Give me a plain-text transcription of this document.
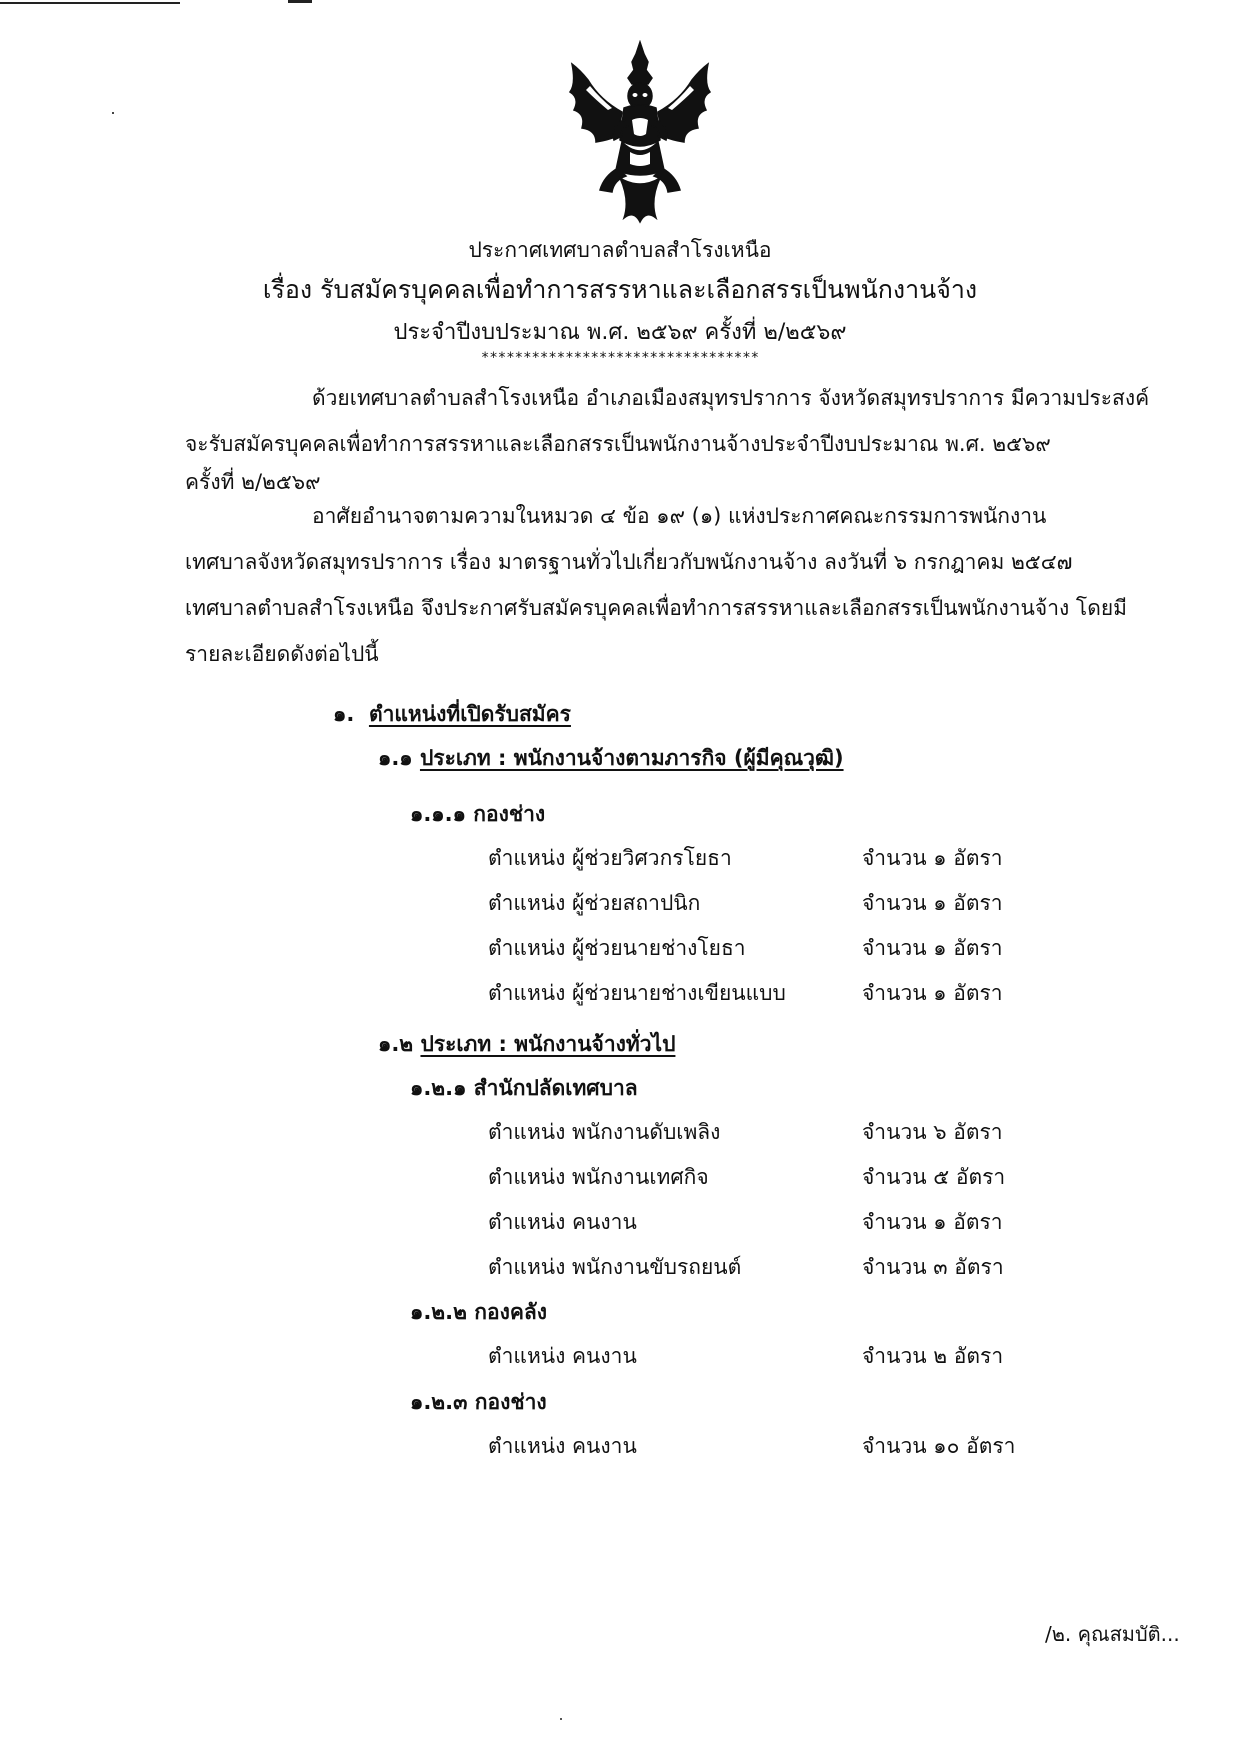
ประกาศเทศบาลตำบลสำโรงเหนือ
เรื่อง รับสมัครบุคคลเพื่อทำการสรรหาและเลือกสรรเป็นพนักงานจ้าง
ประจำปีงบประมาณ พ.ศ. ๒๕๖๙ ครั้งที่ ๒/๒๕๖๙
*********************************
ด้วยเทศบาลตำบลสำโรงเหนือ อำเภอเมืองสมุทรปราการ จังหวัดสมุทรปราการ มีความประสงค์
จะรับสมัครบุคคลเพื่อทำการสรรหาและเลือกสรรเป็นพนักงานจ้างประจำปีงบประมาณ พ.ศ. ๒๕๖๙
ครั้งที่ ๒/๒๕๖๙
อาศัยอำนาจตามความในหมวด ๔ ข้อ ๑๙ (๑) แห่งประกาศคณะกรรมการพนักงาน
เทศบาลจังหวัดสมุทรปราการ เรื่อง มาตรฐานทั่วไปเกี่ยวกับพนักงานจ้าง ลงวันที่ ๖ กรกฎาคม ๒๕๔๗
เทศบาลตำบลสำโรงเหนือ จึงประกาศรับสมัครบุคคลเพื่อทำการสรรหาและเลือกสรรเป็นพนักงานจ้าง โดยมี
รายละเอียดดังต่อไปนี้
๑. ตำแหน่งที่เปิดรับสมัคร
๑.๑ ประเภท : พนักงานจ้างตามภารกิจ (ผู้มีคุณวุฒิ)
๑.๑.๑ กองช่าง
ตำแหน่ง ผู้ช่วยวิศวกรโยธา	จำนวน ๑ อัตรา
ตำแหน่ง ผู้ช่วยสถาปนิก	จำนวน ๑ อัตรา
ตำแหน่ง ผู้ช่วยนายช่างโยธา	จำนวน ๑ อัตรา
ตำแหน่ง ผู้ช่วยนายช่างเขียนแบบ	จำนวน ๑ อัตรา
๑.๒ ประเภท : พนักงานจ้างทั่วไป
๑.๒.๑ สำนักปลัดเทศบาล
ตำแหน่ง พนักงานดับเพลิง	จำนวน ๖ อัตรา
ตำแหน่ง พนักงานเทศกิจ	จำนวน ๕ อัตรา
ตำแหน่ง คนงาน	จำนวน ๑ อัตรา
ตำแหน่ง พนักงานขับรถยนต์	จำนวน ๓ อัตรา
๑.๒.๒ กองคลัง
ตำแหน่ง คนงาน	จำนวน ๒ อัตรา
๑.๒.๓ กองช่าง
ตำแหน่ง คนงาน	จำนวน ๑๐ อัตรา
/๒. คุณสมบัติ...
